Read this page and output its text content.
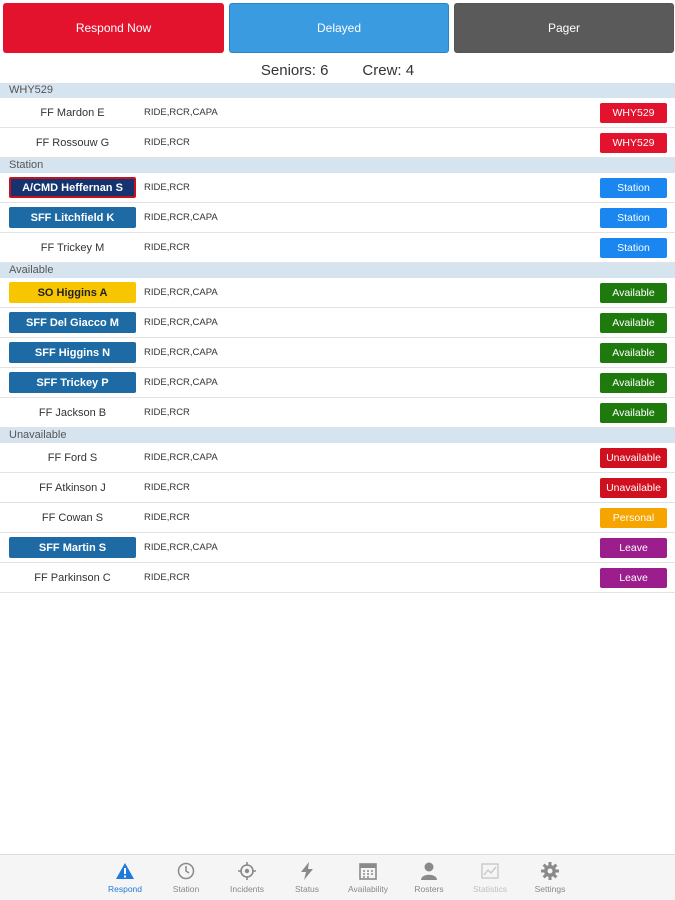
Respond Now	Delayed	Pager
Seniors: 6 Crew: 4
WHY529
FF Mardon E	RIDE,RCR,CAPA	WHY529
FF Rossouw G	RIDE,RCR	WHY529
Station
A/CMD Heffernan S	RIDE,RCR	Station
SFF Litchfield K	RIDE,RCR,CAPA	Station
FF Trickey M	RIDE,RCR	Station
Available
SO Higgins A	RIDE,RCR,CAPA	Available
SFF Del Giacco M	RIDE,RCR,CAPA	Available
SFF Higgins N	RIDE,RCR,CAPA	Available
SFF Trickey P	RIDE,RCR,CAPA	Available
FF Jackson B	RIDE,RCR	Available
Unavailable
FF Ford S	RIDE,RCR,CAPA	Unavailable
FF Atkinson J	RIDE,RCR	Unavailable
FF Cowan S	RIDE,RCR	Personal
SFF Martin S	RIDE,RCR,CAPA	Leave
FF Parkinson C	RIDE,RCR	Leave
Respond	Station	Incidents	Status	Availability	Rosters	Statistics	Settings
